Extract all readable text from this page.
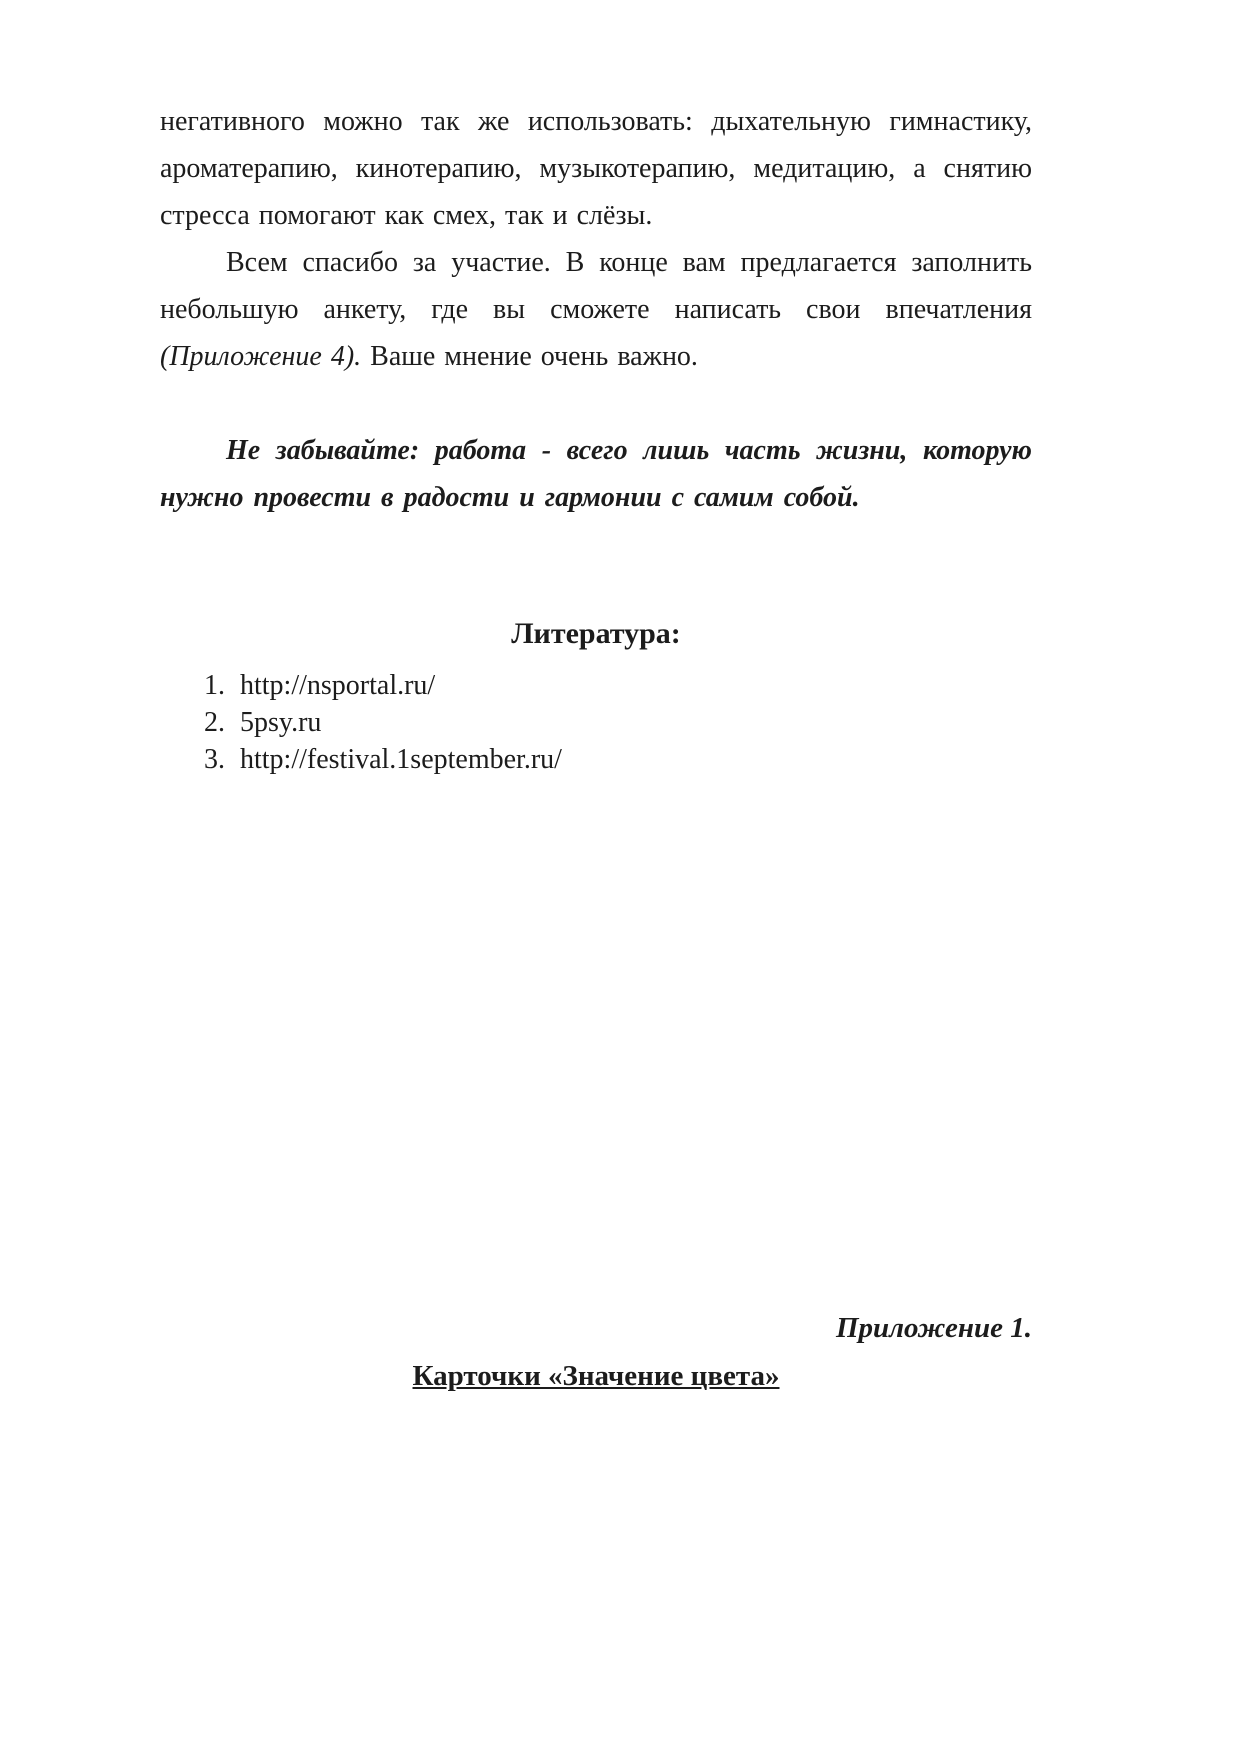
негативного можно так же использовать: дыхательную гимнастику, ароматерапию, кинотерапию, музыкотерапию, медитацию, а снятию стресса помогают как смех, так и слёзы.

Всем спасибо за участие. В конце вам предлагается заполнить небольшую анкету, где вы сможете написать свои впечатления (Приложение 4). Ваше мнение очень важно.

Не забывайте: работа - всего лишь часть жизни, которую нужно провести в радости и гармонии с самим собой.

Литература:
1. http://nsportal.ru/
2. 5psy.ru
3. http://festival.1september.ru/

Приложение 1.

Карточки «Значение цвета»
